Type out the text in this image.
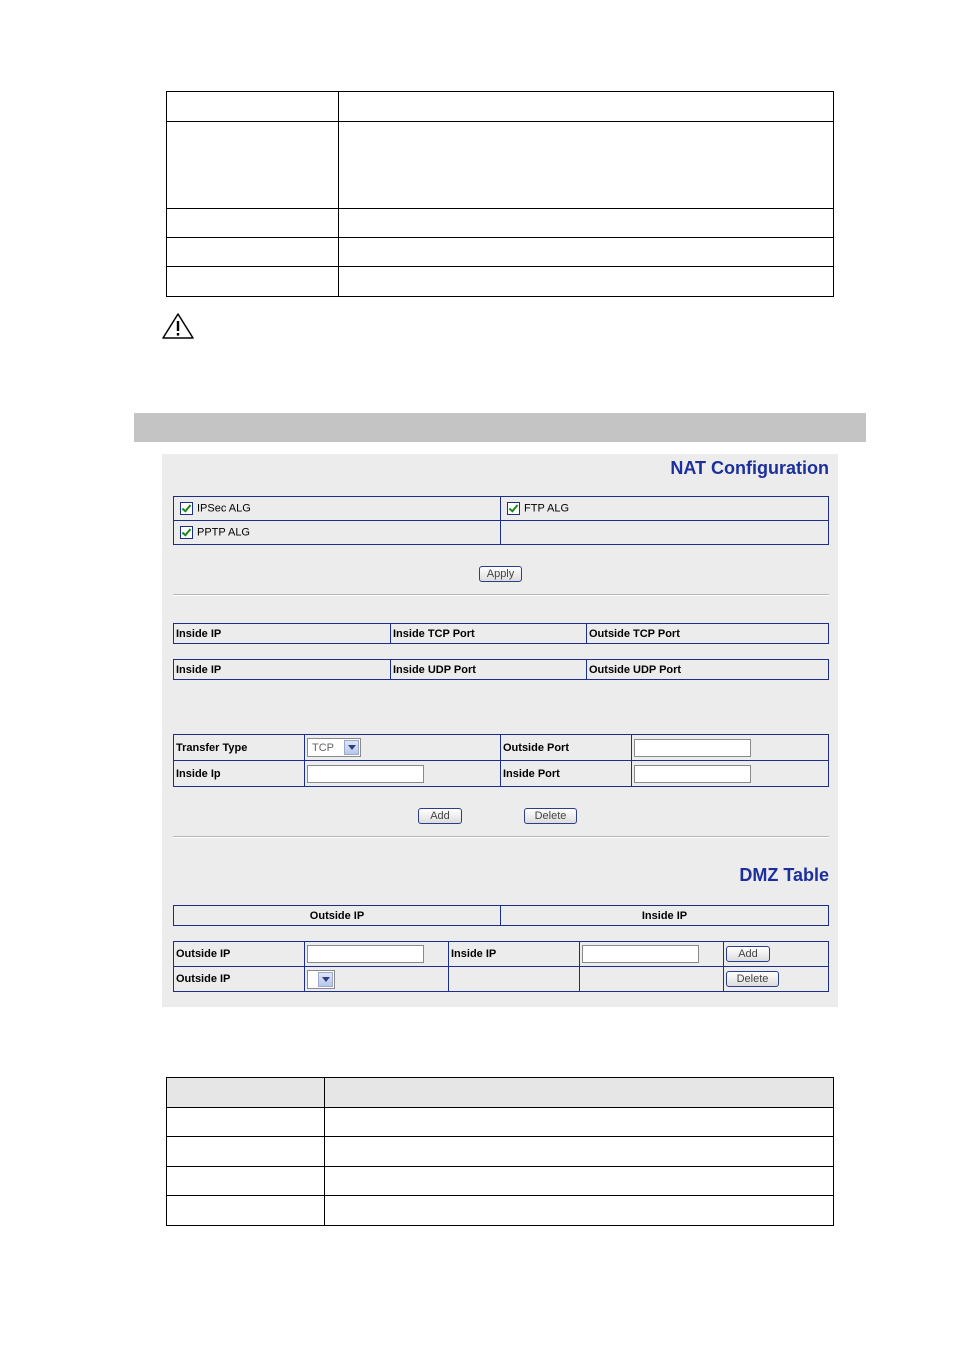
NAT Configuration
IPSec ALG	FTP ALG
PPTP ALG	
Apply
Inside IP	Inside TCP Port	Outside TCP Port
Inside IP	Inside UDP Port	Outside UDP Port
Transfer Type	TCP	Outside Port	
Inside Ip		Inside Port	
Add	Delete
DMZ Table
Outside IP	Inside IP
Outside IP		Inside IP		Add
Outside IP				Delete
